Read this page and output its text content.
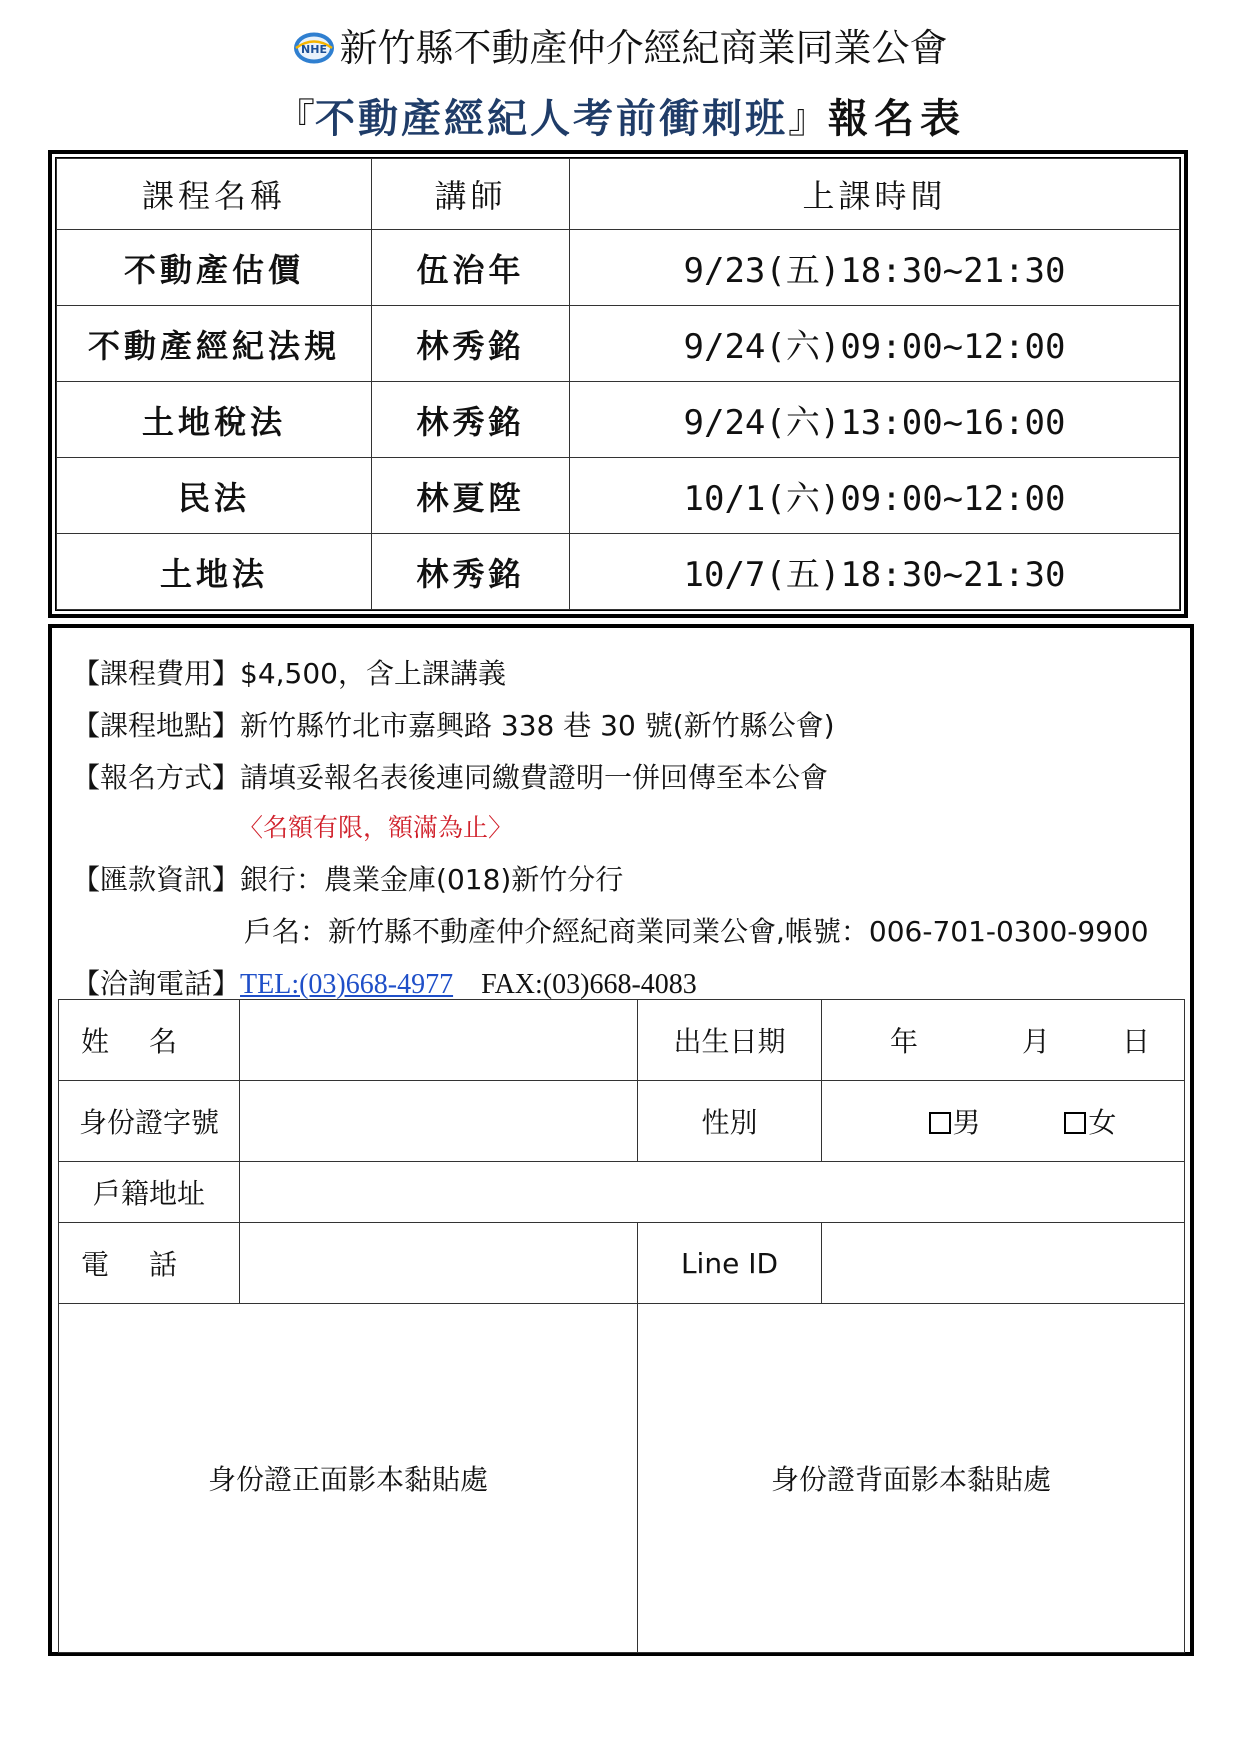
NHE 新竹縣不動產仲介經紀商業同業公會
『不動產經紀人考前衝刺班』報名表
課程名稱	講師	上課時間
不動產估價	伍治年	9/23(五)18:30~21:30
不動產經紀法規	林秀銘	9/24(六)09:00~12:00
土地稅法	林秀銘	9/24(六)13:00~16:00
民法	林夏陞	10/1(六)09:00~12:00
土地法	林秀銘	10/7(五)18:30~21:30
【課程費用】$4,500，含上課講義
【課程地點】新竹縣竹北市嘉興路 338 巷 30 號(新竹縣公會)
【報名方式】請填妥報名表後連同繳費證明一併回傳至本公會
〈名額有限，額滿為止〉
【匯款資訊】銀行：農業金庫(018)新竹分行
戶名：新竹縣不動產仲介經紀商業同業公會,帳號：006-701-0300-9900
【洽詢電話】TEL:(03)668-4977 FAX:(03)668-4083
姓名		出生日期	年 月 日

身份證字號		性別	男 女
戶籍地址			
電話		Line ID	
身份證正面影本黏貼處		身份證背面影本黏貼處	
